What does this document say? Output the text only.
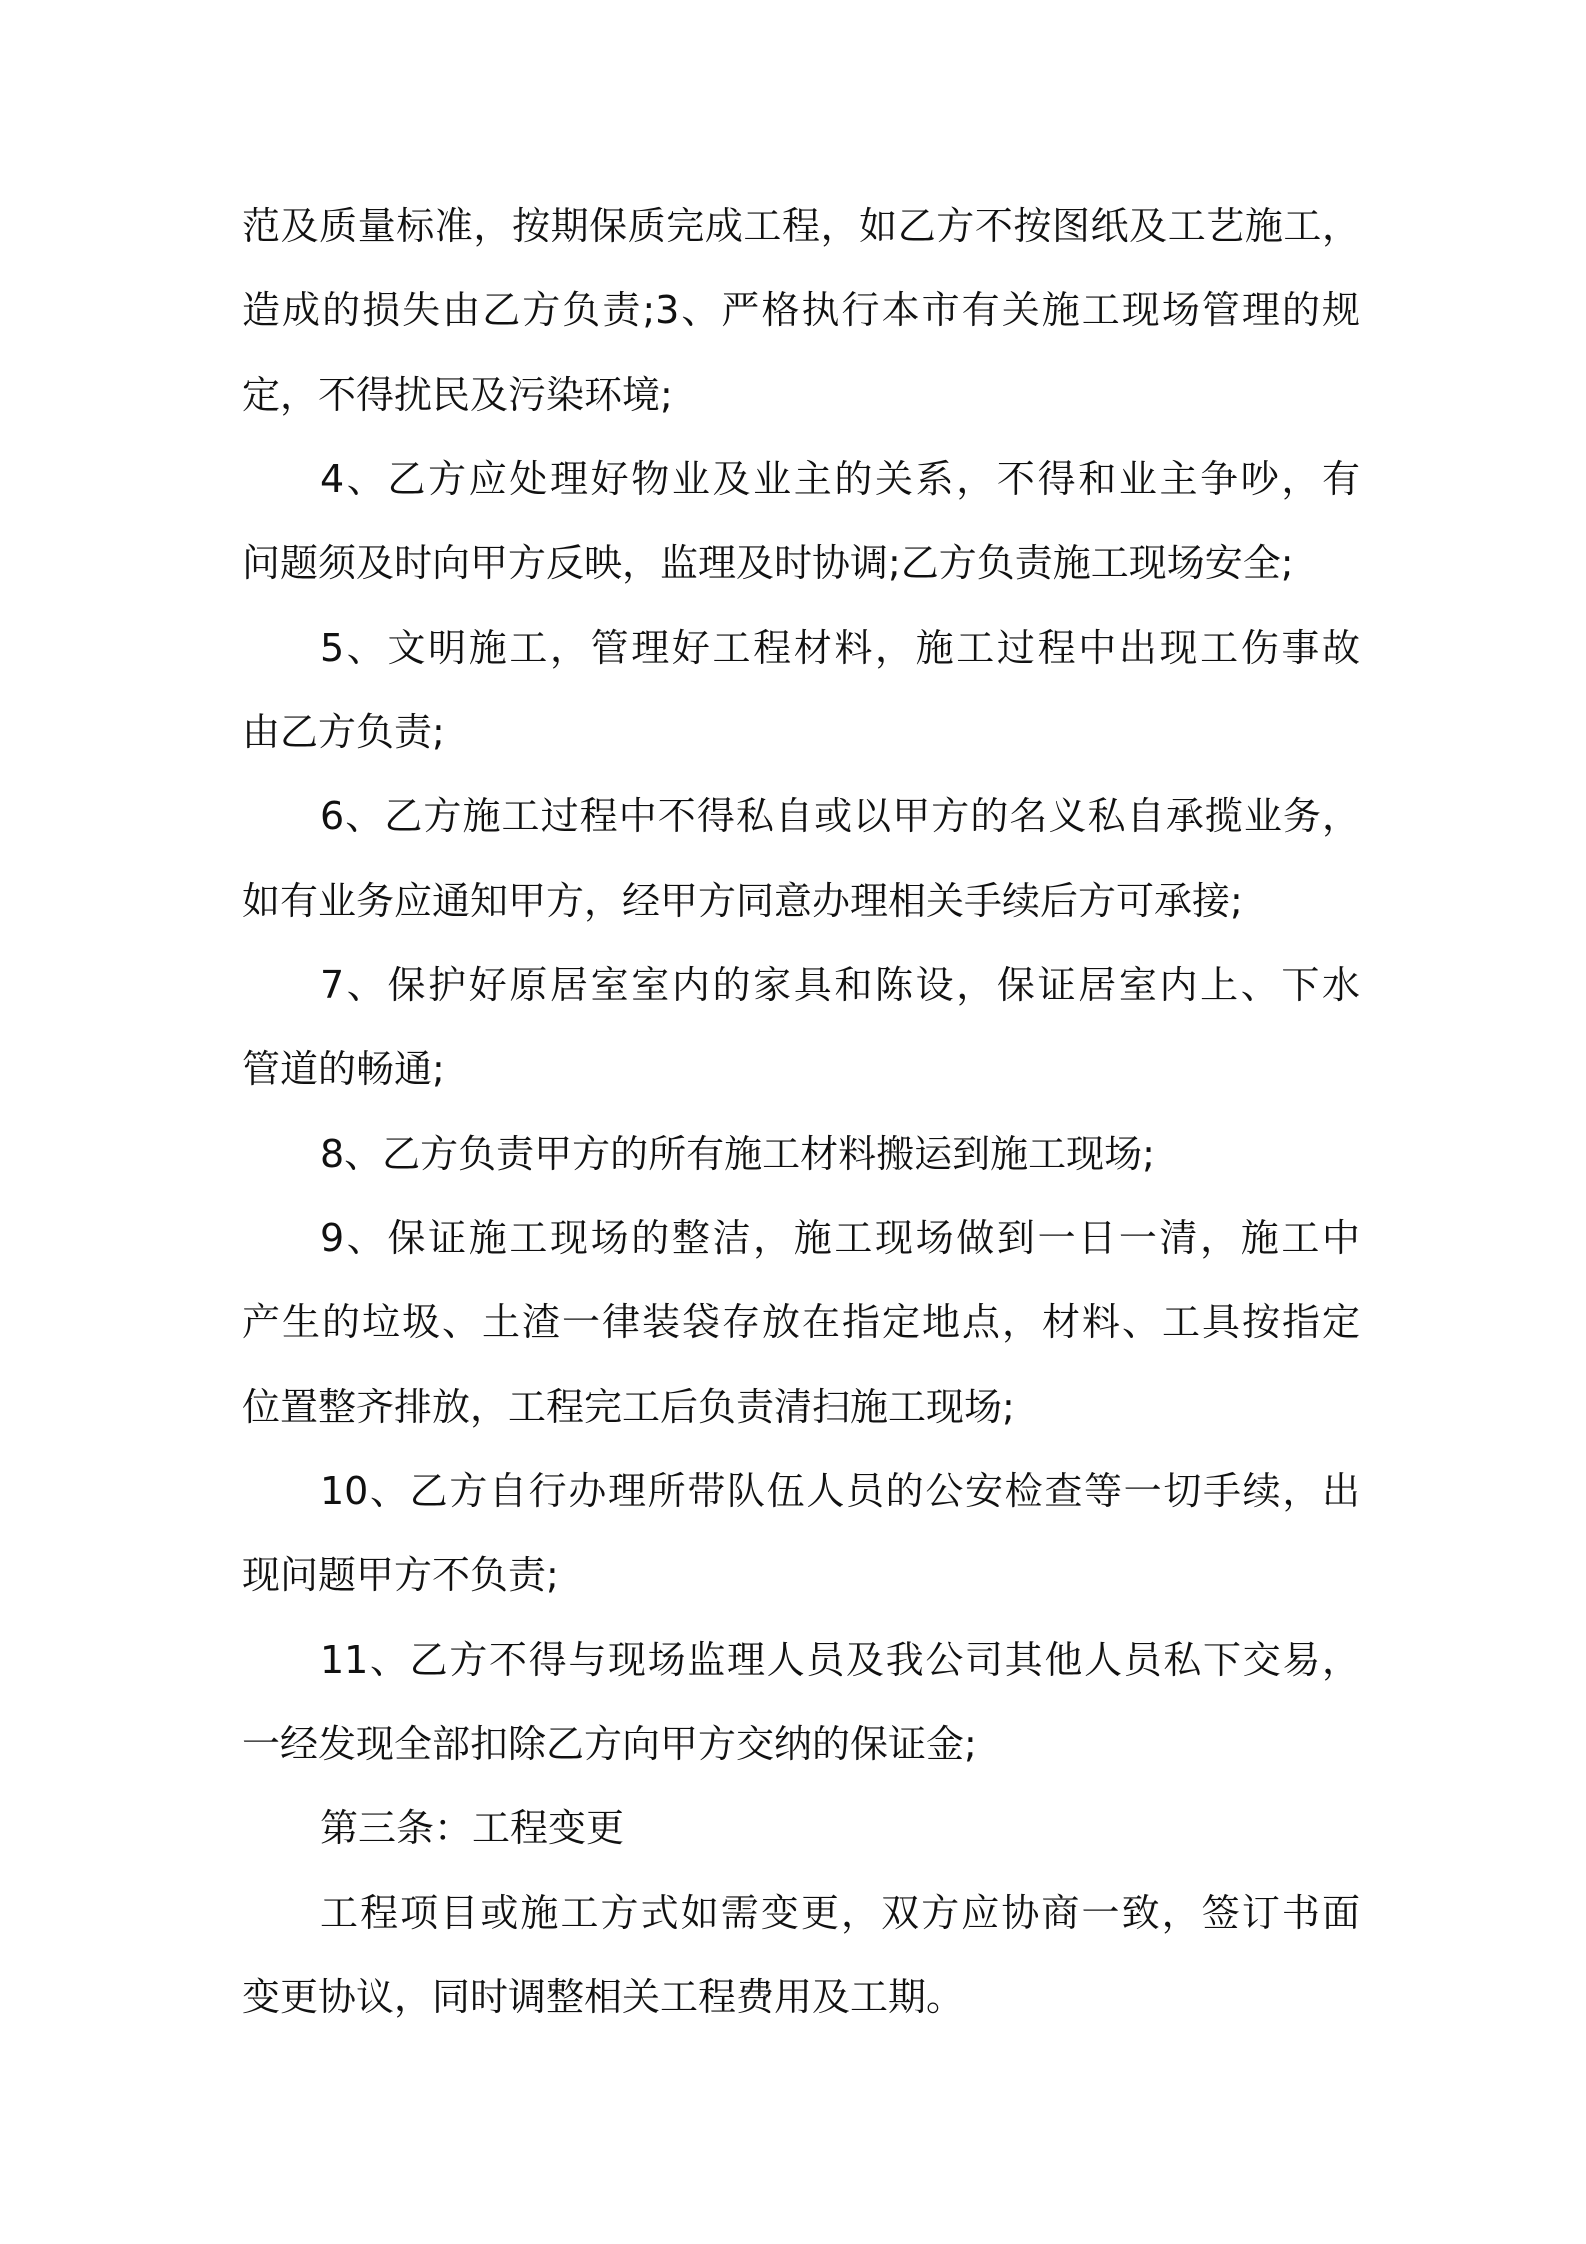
范及质量标准，按期保质完成工程，如乙方不按图纸及工艺施工，
造成的损失由乙方负责;3、严格执行本市有关施工现场管理的规
定，不得扰民及污染环境;
4、乙方应处理好物业及业主的关系，不得和业主争吵，有
问题须及时向甲方反映，监理及时协调;乙方负责施工现场安全;
5、文明施工，管理好工程材料，施工过程中出现工伤事故
由乙方负责;
6、乙方施工过程中不得私自或以甲方的名义私自承揽业务，
如有业务应通知甲方，经甲方同意办理相关手续后方可承接;
7、保护好原居室室内的家具和陈设，保证居室内上、下水
管道的畅通;
8、乙方负责甲方的所有施工材料搬运到施工现场;
9、保证施工现场的整洁，施工现场做到一日一清，施工中
产生的垃圾、土渣一律装袋存放在指定地点，材料、工具按指定
位置整齐排放，工程完工后负责清扫施工现场;
10、乙方自行办理所带队伍人员的公安检查等一切手续，出
现问题甲方不负责;
11、乙方不得与现场监理人员及我公司其他人员私下交易，
一经发现全部扣除乙方向甲方交纳的保证金;
第三条：工程变更
工程项目或施工方式如需变更，双方应协商一致，签订书面
变更协议，同时调整相关工程费用及工期。
